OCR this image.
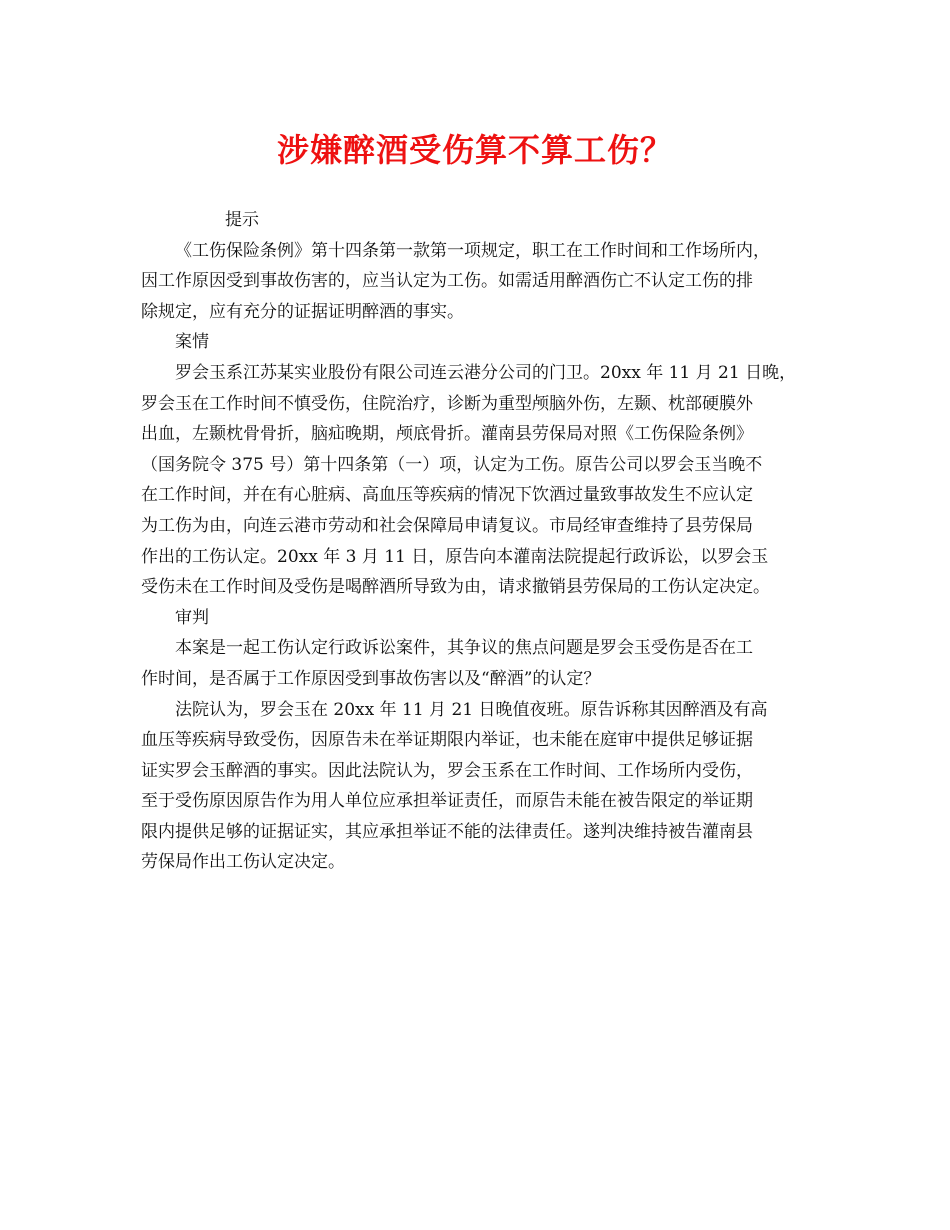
涉嫌醉酒受伤算不算工伤？
提示
《工伤保险条例》第十四条第一款第一项规定，职工在工作时间和工作场所内，
因工作原因受到事故伤害的，应当认定为工伤。如需适用醉酒伤亡不认定工伤的排
除规定，应有充分的证据证明醉酒的事实。
案情
罗会玉系江苏某实业股份有限公司连云港分公司的门卫。20xx 年 11 月 21 日晚，
罗会玉在工作时间不慎受伤，住院治疗，诊断为重型颅脑外伤，左颞、枕部硬膜外
出血，左颞枕骨骨折，脑疝晚期，颅底骨折。灌南县劳保局对照《工伤保险条例》
（国务院令 375 号）第十四条第（一）项，认定为工伤。原告公司以罗会玉当晚不
在工作时间，并在有心脏病、高血压等疾病的情况下饮酒过量致事故发生不应认定
为工伤为由，向连云港市劳动和社会保障局申请复议。市局经审查维持了县劳保局
作出的工伤认定。20xx 年 3 月 11 日，原告向本灌南法院提起行政诉讼，以罗会玉
受伤未在工作时间及受伤是喝醉酒所导致为由，请求撤销县劳保局的工伤认定决定。
审判
本案是一起工伤认定行政诉讼案件，其争议的焦点问题是罗会玉受伤是否在工
作时间，是否属于工作原因受到事故伤害以及“醉酒”的认定？
法院认为，罗会玉在 20xx 年 11 月 21 日晚值夜班。原告诉称其因醉酒及有高
血压等疾病导致受伤，因原告未在举证期限内举证，也未能在庭审中提供足够证据
证实罗会玉醉酒的事实。因此法院认为，罗会玉系在工作时间、工作场所内受伤，
至于受伤原因原告作为用人单位应承担举证责任，而原告未能在被告限定的举证期
限内提供足够的证据证实，其应承担举证不能的法律责任。遂判决维持被告灌南县
劳保局作出工伤认定决定。
